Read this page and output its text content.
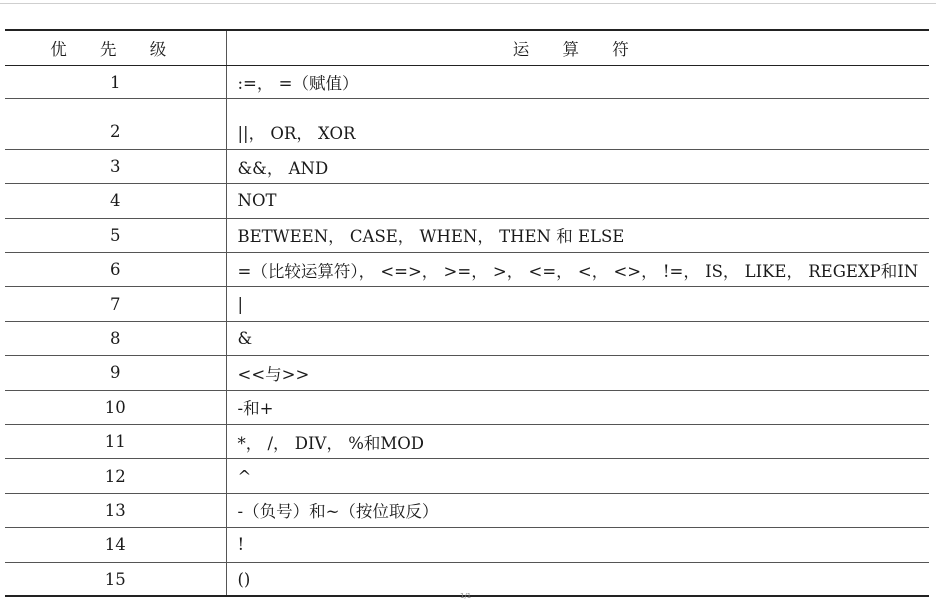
优 先 级	运 算 符
1	:=， =（赋值）

2	||， OR， XOR
3	&&， AND
4	NOT
5	BETWEEN， CASE， WHEN， THEN 和 ELSE
6	=（比较运算符）， <=>， >=， >， <=， <， <>， !=， IS， LIKE， REGEXP和IN
7	|
8	&
9	<<与>>
10	-和+
11	*， /， DIV， %和MOD
12	^
13	-（负号）和~（按位取反）
14	!
15	()
1/1
